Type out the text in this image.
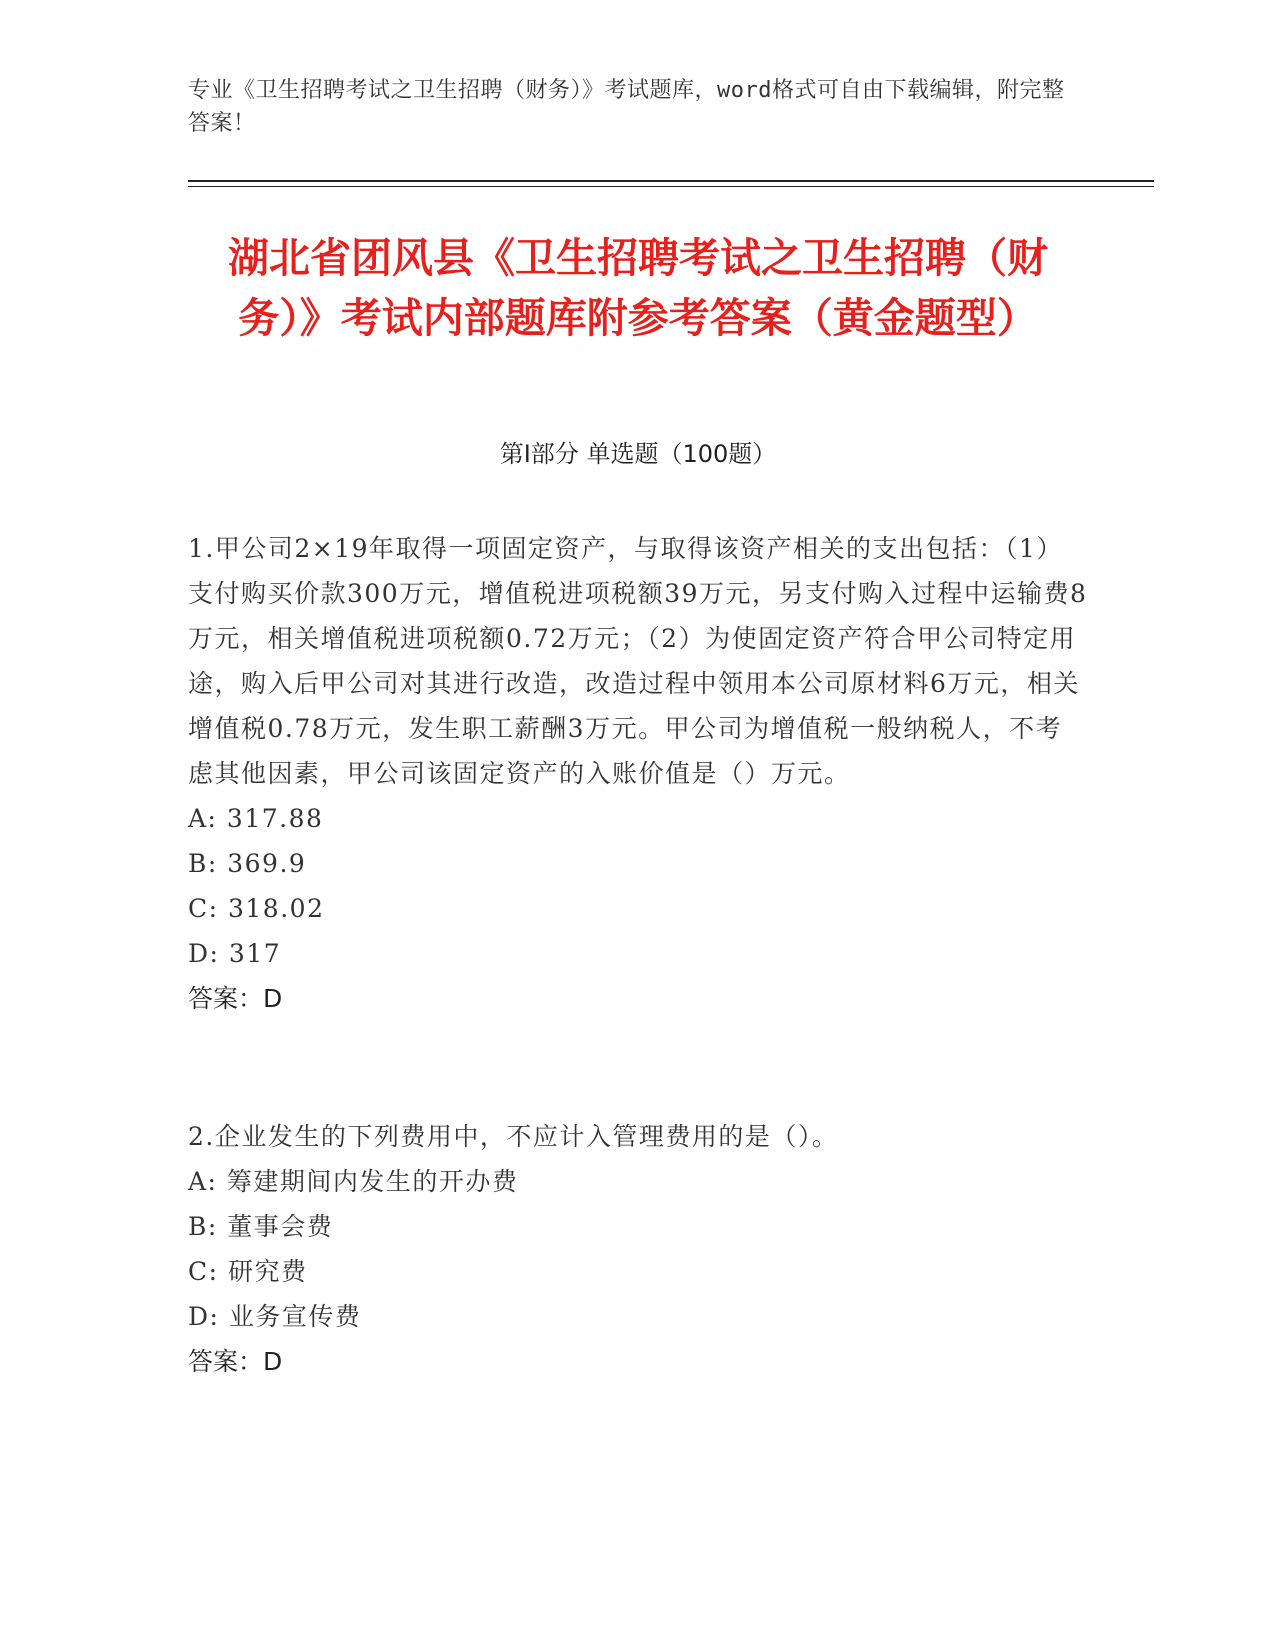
专业《卫生招聘考试之卫生招聘（财务）》考试题库，word格式可自由下载编辑，附完整答案！
湖北省团风县《卫生招聘考试之卫生招聘（财务）》考试内部题库附参考答案（黄金题型）
第I部分 单选题（100题）

1.甲公司2×19年取得一项固定资产，与取得该资产相关的支出包括：（1）支付购买价款300万元，增值税进项税额39万元，另支付购入过程中运输费8万元，相关增值税进项税额0.72万元；（2）为使固定资产符合甲公司特定用途，购入后甲公司对其进行改造，改造过程中领用本公司原材料6万元，相关增值税0.78万元，发生职工薪酬3万元。甲公司为增值税一般纳税人，不考虑其他因素，甲公司该固定资产的入账价值是（）万元。

A: 317.88

B: 369.9

C: 318.02

D: 317

答案：D

2.企业发生的下列费用中，不应计入管理费用的是（）。

A: 筹建期间内发生的开办费

B: 董事会费

C: 研究费

D: 业务宣传费

答案：D
